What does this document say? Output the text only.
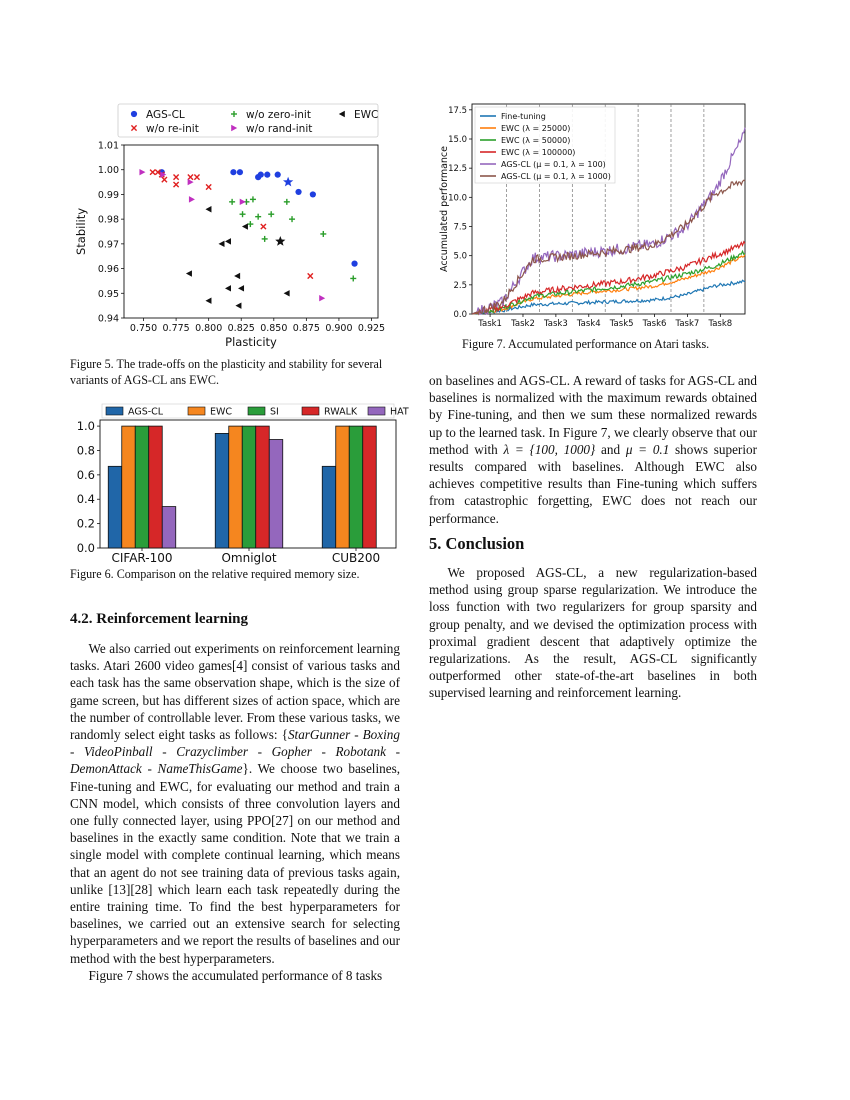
AGS-CL
w/o re-init
w/o zero-init
w/o rand-init
EWC
0.750 0.775 0.800 0.825 0.850 0.875 0.900 0.925
0.94
0.95
0.96
0.97
0.98
0.99
1.00
1.01
Plasticity
Stability
Figure 5. The trade-offs on the plasticity and stability for several variants of AGS-CL ans EWC.
AGS-CL	EWC	SI	RWALK	HAT
0.0
0.2
0.4
0.6
0.8
1.0
CIFAR-100	Omniglot	CUB200
Figure 6. Comparison on the relative required memory size.
0.0
2.5
5.0
7.5
10.0
12.5
15.0
17.5
Task1 Task2 Task3 Task4 Task5 Task6 Task7 Task8
Accumulated performance
Fine-tuning
EWC (λ = 25000)
EWC (λ = 50000)
EWC (λ = 100000)
AGS-CL (μ = 0.1, λ = 100)
AGS-CL (μ = 0.1, λ = 1000)
Figure 7. Accumulated performance on Atari tasks.
4.2. Reinforcement learning

We also carried out experiments on reinforcement learning tasks. Atari 2600 video games[4] consist of various tasks and each task has the same observation shape, which is the size of game screen, but has different sizes of action space, which are the number of controllable lever. From these various tasks, we randomly select eight tasks as follows: {StarGunner - Boxing - VideoPinball - Crazyclimber - Gopher - Robotank - DemonAttack - NameThisGame}. We choose two baselines, Fine-tuning and EWC, for evaluating our method and train a CNN model, which consists of three convolution layers and one fully connected layer, using PPO[27] on our method and baselines in the exactly same condition. Note that we train a single model with complete continual learning, which means that an agent do not see training data of previous tasks again, unlike [13][28] which learn each task repeatedly during the entire training time. To find the best hyperparameters for baselines, we carried out an extensive search for selecting hyperparameters and we report the results of baselines and our method with the best hyperparameters.

Figure 7 shows the accumulated performance of 8 tasks

on baselines and AGS-CL. A reward of tasks for AGS-CL and baselines is normalized with the maximum rewards obtained by Fine-tuning, and then we sum these normalized rewards up to the learned task. In Figure 7, we clearly observe that our method with λ = {100, 1000} and μ = 0.1 shows superior results compared with baselines. Although EWC also achieves competitive results than Fine-tuning which suffers from catastrophic forgetting, EWC does not reach our performance.

5. Conclusion

We proposed AGS-CL, a new regularization-based method using group sparse regularization. We introduce the loss function with two regularizers for group sparsity and group penalty, and we devised the optimization process with proximal gradient descent that adaptively optimize the regularizations. As the result, AGS-CL significantly outperformed other state-of-the-art baselines in both supervised learning and reinforcement learning.
